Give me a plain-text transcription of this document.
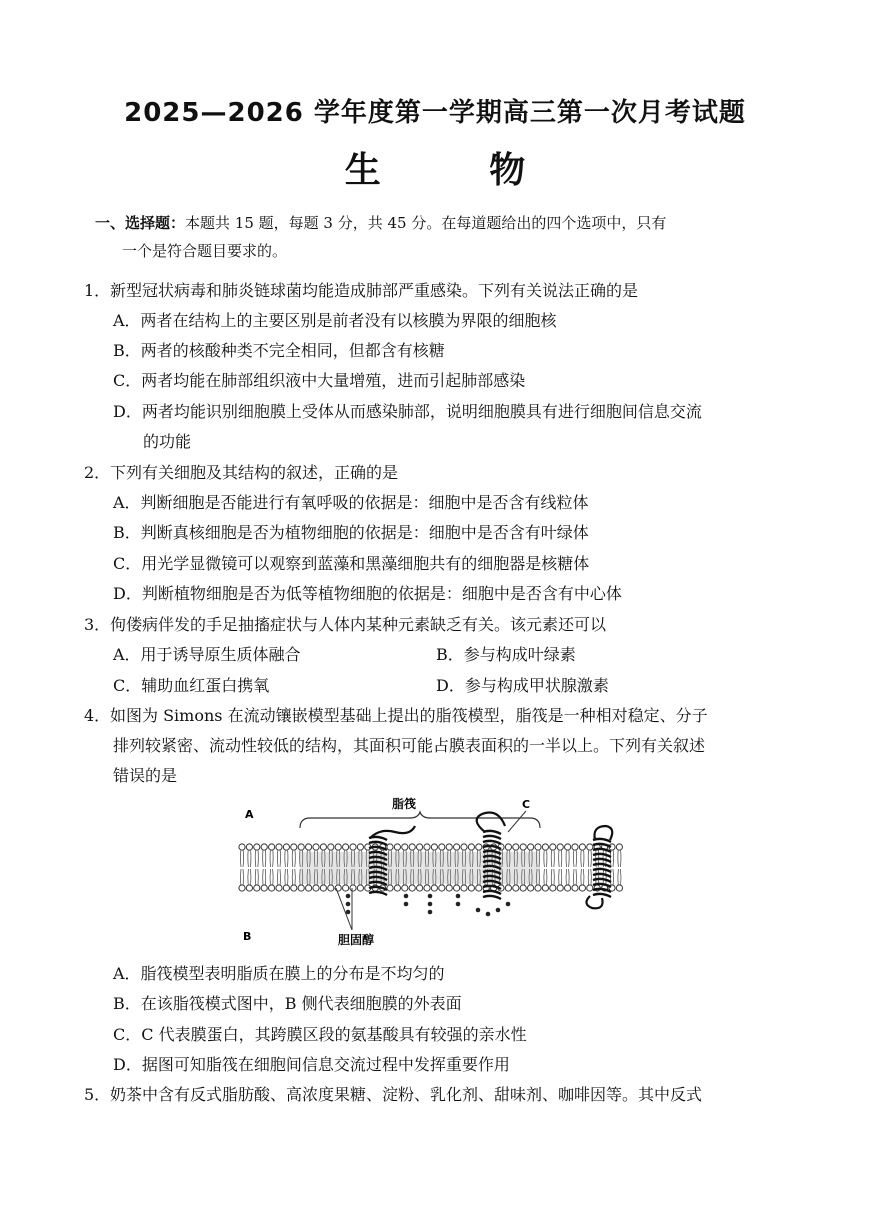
2025—2026 学年度第一学期高三第一次月考试题
生 物
一、选择题：本题共 15 题，每题 3 分，共 45 分。在每道题给出的四个选项中，只有
一个是符合题目要求的。
1．新型冠状病毒和肺炎链球菌均能造成肺部严重感染。下列有关说法正确的是
A．两者在结构上的主要区别是前者没有以核膜为界限的细胞核
B．两者的核酸种类不完全相同，但都含有核糖
C．两者均能在肺部组织液中大量增殖，进而引起肺部感染
D．两者均能识别细胞膜上受体从而感染肺部，说明细胞膜具有进行细胞间信息交流
的功能
2．下列有关细胞及其结构的叙述，正确的是
A．判断细胞是否能进行有氧呼吸的依据是：细胞中是否含有线粒体
B．判断真核细胞是否为植物细胞的依据是：细胞中是否含有叶绿体
C．用光学显微镜可以观察到蓝藻和黑藻细胞共有的细胞器是核糖体
D．判断植物细胞是否为低等植物细胞的依据是：细胞中是否含有中心体
3．佝偻病伴发的手足抽搐症状与人体内某种元素缺乏有关。该元素还可以
A．用于诱导原生质体融合	B．参与构成叶绿素
C．辅助血红蛋白携氧	D．参与构成甲状腺激素
4．如图为 Simons 在流动镶嵌模型基础上提出的脂筏模型，脂筏是一种相对稳定、分子
排列较紧密、流动性较低的结构，其面积可能占膜表面积的一半以上。下列有关叙述
错误的是
A
B
C
脂筏
胆固醇
A．脂筏模型表明脂质在膜上的分布是不均匀的
B．在该脂筏模式图中，B 侧代表细胞膜的外表面
C．C 代表膜蛋白，其跨膜区段的氨基酸具有较强的亲水性
D．据图可知脂筏在细胞间信息交流过程中发挥重要作用
5．奶茶中含有反式脂肪酸、高浓度果糖、淀粉、乳化剂、甜味剂、咖啡因等。其中反式
